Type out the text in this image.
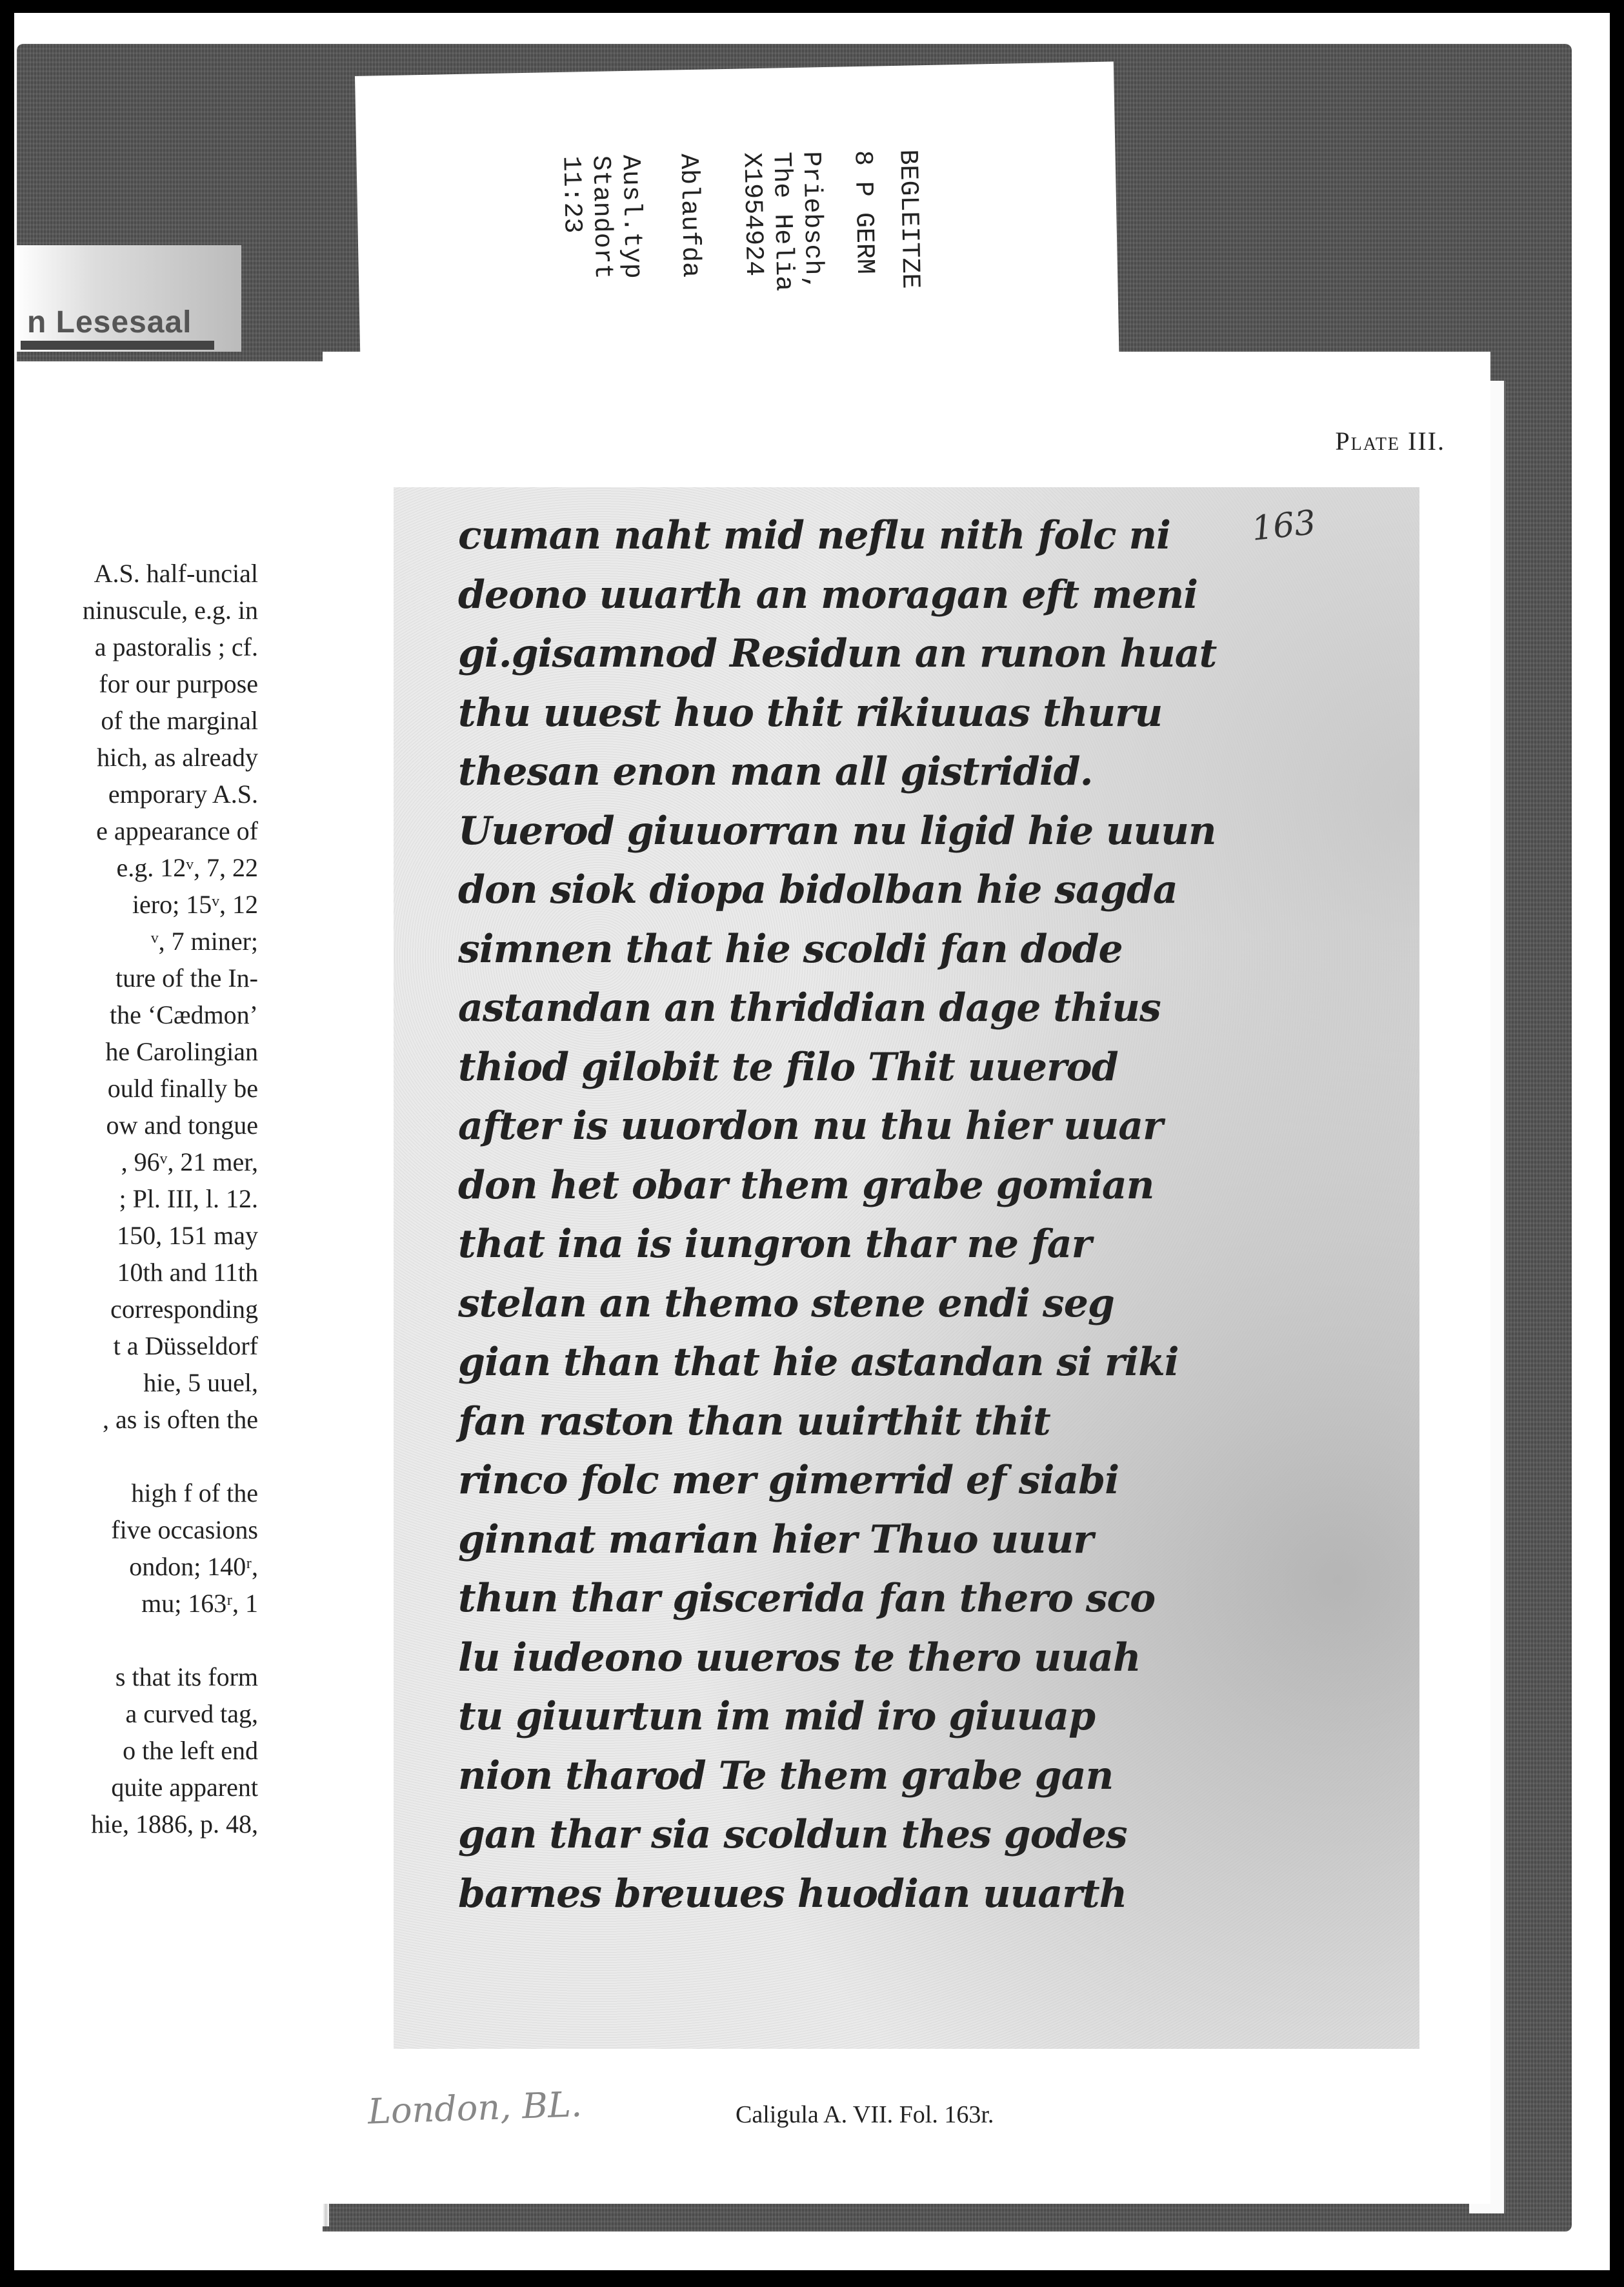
n Lesesaal
BEGLEITZE
8 P GERM
Priebsch,
The Helia
X1954924
Ablaufda
Ausl.typ
Standort
11:23
A.S. half-uncial
ninuscule, e.g. in
a pastoralis ; cf.
for our purpose
of the marginal
hich, as already
emporary A.S.
e appearance of
e.g. 12ᵛ, 7, 22
iero; 15ᵛ, 12
ᵛ, 7 miner;
ture of the In-
the ‘Cædmon’
he Carolingian
ould finally be
ow and tongue
, 96ᵛ, 21 mer,
; Pl. III, l. 12.
150, 151 may
10th and 11th
corresponding
t a Düsseldorf
hie, 5 uuel,
, as is often the
high f of the
five occasions
ondon; 140ʳ,
mu; 163ʳ, 1
s that its form
a curved tag,
o the left end
quite apparent
hie, 1886, p. 48,
Plate III.
163
cuman naht mid neflu nith folc ni
deono uuarth an moragan eft meni
gi.gisamnod Residun an runon huat
thu uuest huo thit rikiuuas thuru
thesan enon man all gistridid.
Uuerod giuuorran nu ligid hie uuun
don siok diopa bidolban hie sagda
simnen that hie scoldi fan dode
astandan an thriddian dage thius
thiod gilobit te filo Thit uuerod
after is uuordon nu thu hier uuar
don het obar them grabe gomian
that ina is iungron thar ne far
stelan an themo stene endi seg
gian than that hie astandan si riki
fan raston than uuirthit thit
rinco folc mer gimerrid ef siabi
ginnat marian hier Thuo uuur
thun thar giscerida fan thero sco
lu iudeono uueros te thero uuah
tu giuurtun im mid iro giuuap
nion tharod Te them grabe gan
gan thar sia scoldun thes godes
barnes breuues huodian uuarth
London, BL.	Caligula A. VII. Fol. 163r.
